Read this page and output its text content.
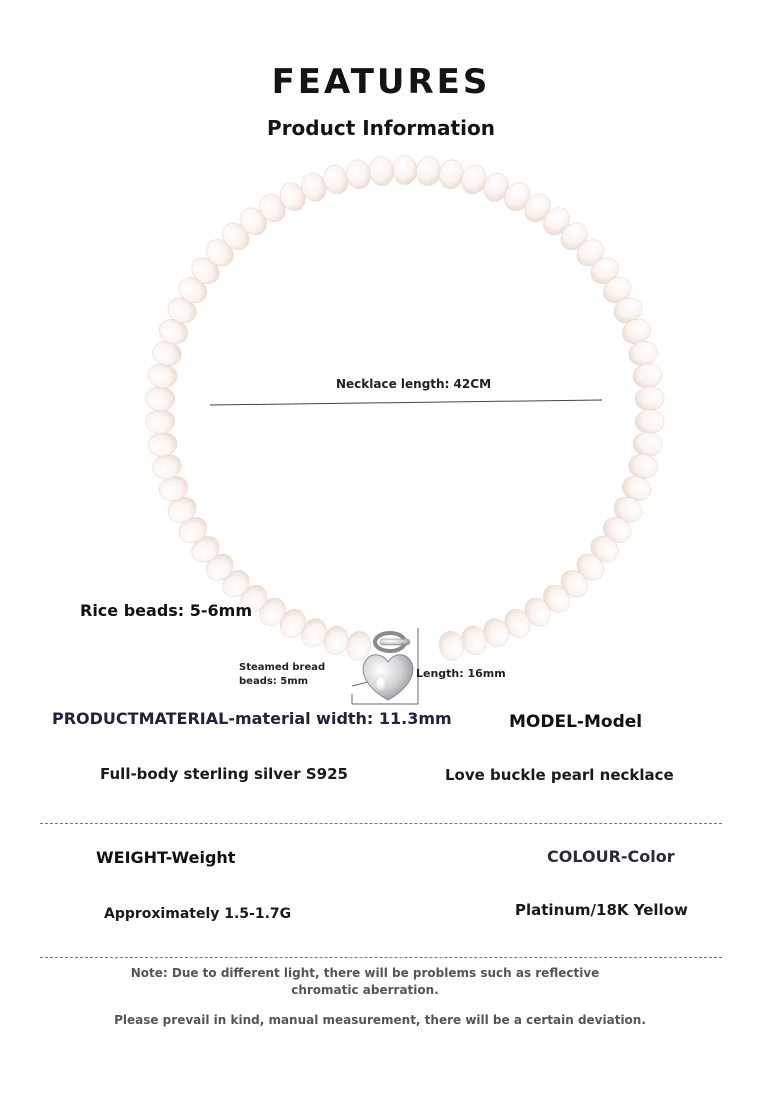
FEATURES
Product Information
Necklace length: 42CM
Rice beads: 5-6mm
Steamed bread beads: 5mm
Length: 16mm
PRODUCTMATERIAL-material width: 11.3mm	MODEL-Model
Full-body sterling silver S925	Love buckle pearl necklace
WEIGHT-Weight	COLOUR-Color
Approximately 1.5-1.7G	Platinum/18K Yellow
Note: Due to different light, there will be problems such as reflective chromatic aberration.
Please prevail in kind, manual measurement, there will be a certain deviation.
